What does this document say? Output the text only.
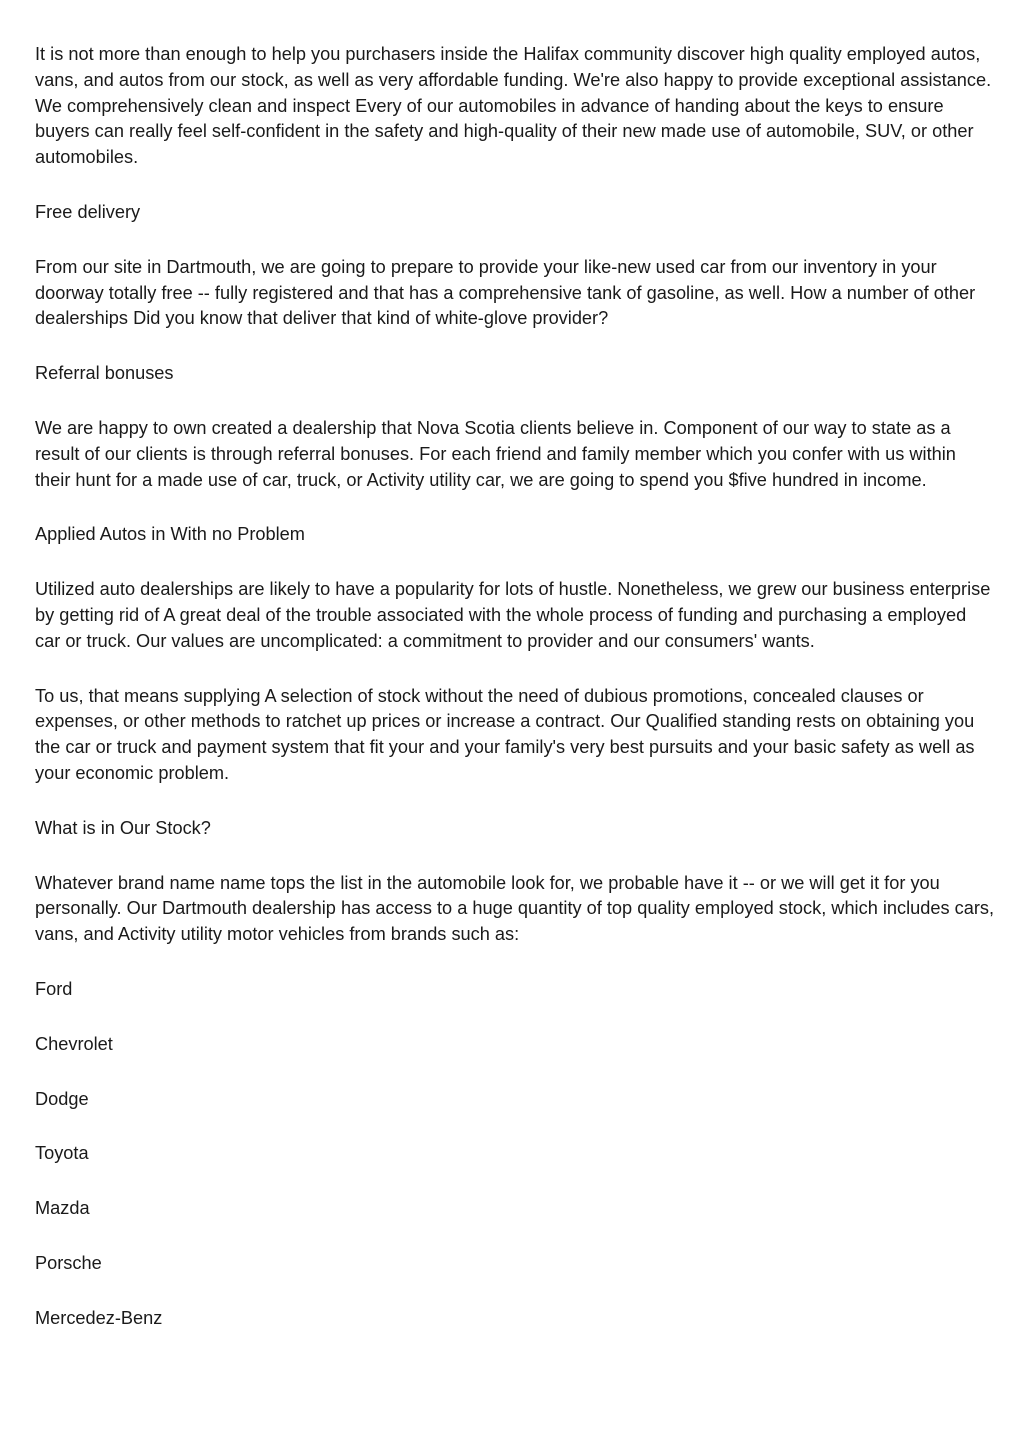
It is not more than enough to help you purchasers inside the Halifax community discover high quality employed autos, vans, and autos from our stock, as well as very affordable funding. We're also happy to provide exceptional assistance. We comprehensively clean and inspect Every of our automobiles in advance of handing about the keys to ensure buyers can really feel self-confident in the safety and high-quality of their new made use of automobile, SUV, or other automobiles.

Free delivery

From our site in Dartmouth, we are going to prepare to provide your like-new used car from our inventory in your doorway totally free -- fully registered and that has a comprehensive tank of gasoline, as well. How a number of other dealerships Did you know that deliver that kind of white-glove provider?

Referral bonuses

We are happy to own created a dealership that Nova Scotia clients believe in. Component of our way to state as a result of our clients is through referral bonuses. For each friend and family member which you confer with us within their hunt for a made use of car, truck, or Activity utility car, we are going to spend you $five hundred in income.

Applied Autos in With no Problem

Utilized auto dealerships are likely to have a popularity for lots of hustle. Nonetheless, we grew our business enterprise by getting rid of A great deal of the trouble associated with the whole process of funding and purchasing a employed car or truck. Our values are uncomplicated: a commitment to provider and our consumers' wants.

To us, that means supplying A selection of stock without the need of dubious promotions, concealed clauses or expenses, or other methods to ratchet up prices or increase a contract. Our Qualified standing rests on obtaining you the car or truck and payment system that fit your and your family's very best pursuits and your basic safety as well as your economic problem.

What is in Our Stock?

Whatever brand name name tops the list in the automobile look for, we probable have it -- or we will get it for you personally. Our Dartmouth dealership has access to a huge quantity of top quality employed stock, which includes cars, vans, and Activity utility motor vehicles from brands such as:

Ford

Chevrolet

Dodge

Toyota

Mazda

Porsche

Mercedez-Benz
